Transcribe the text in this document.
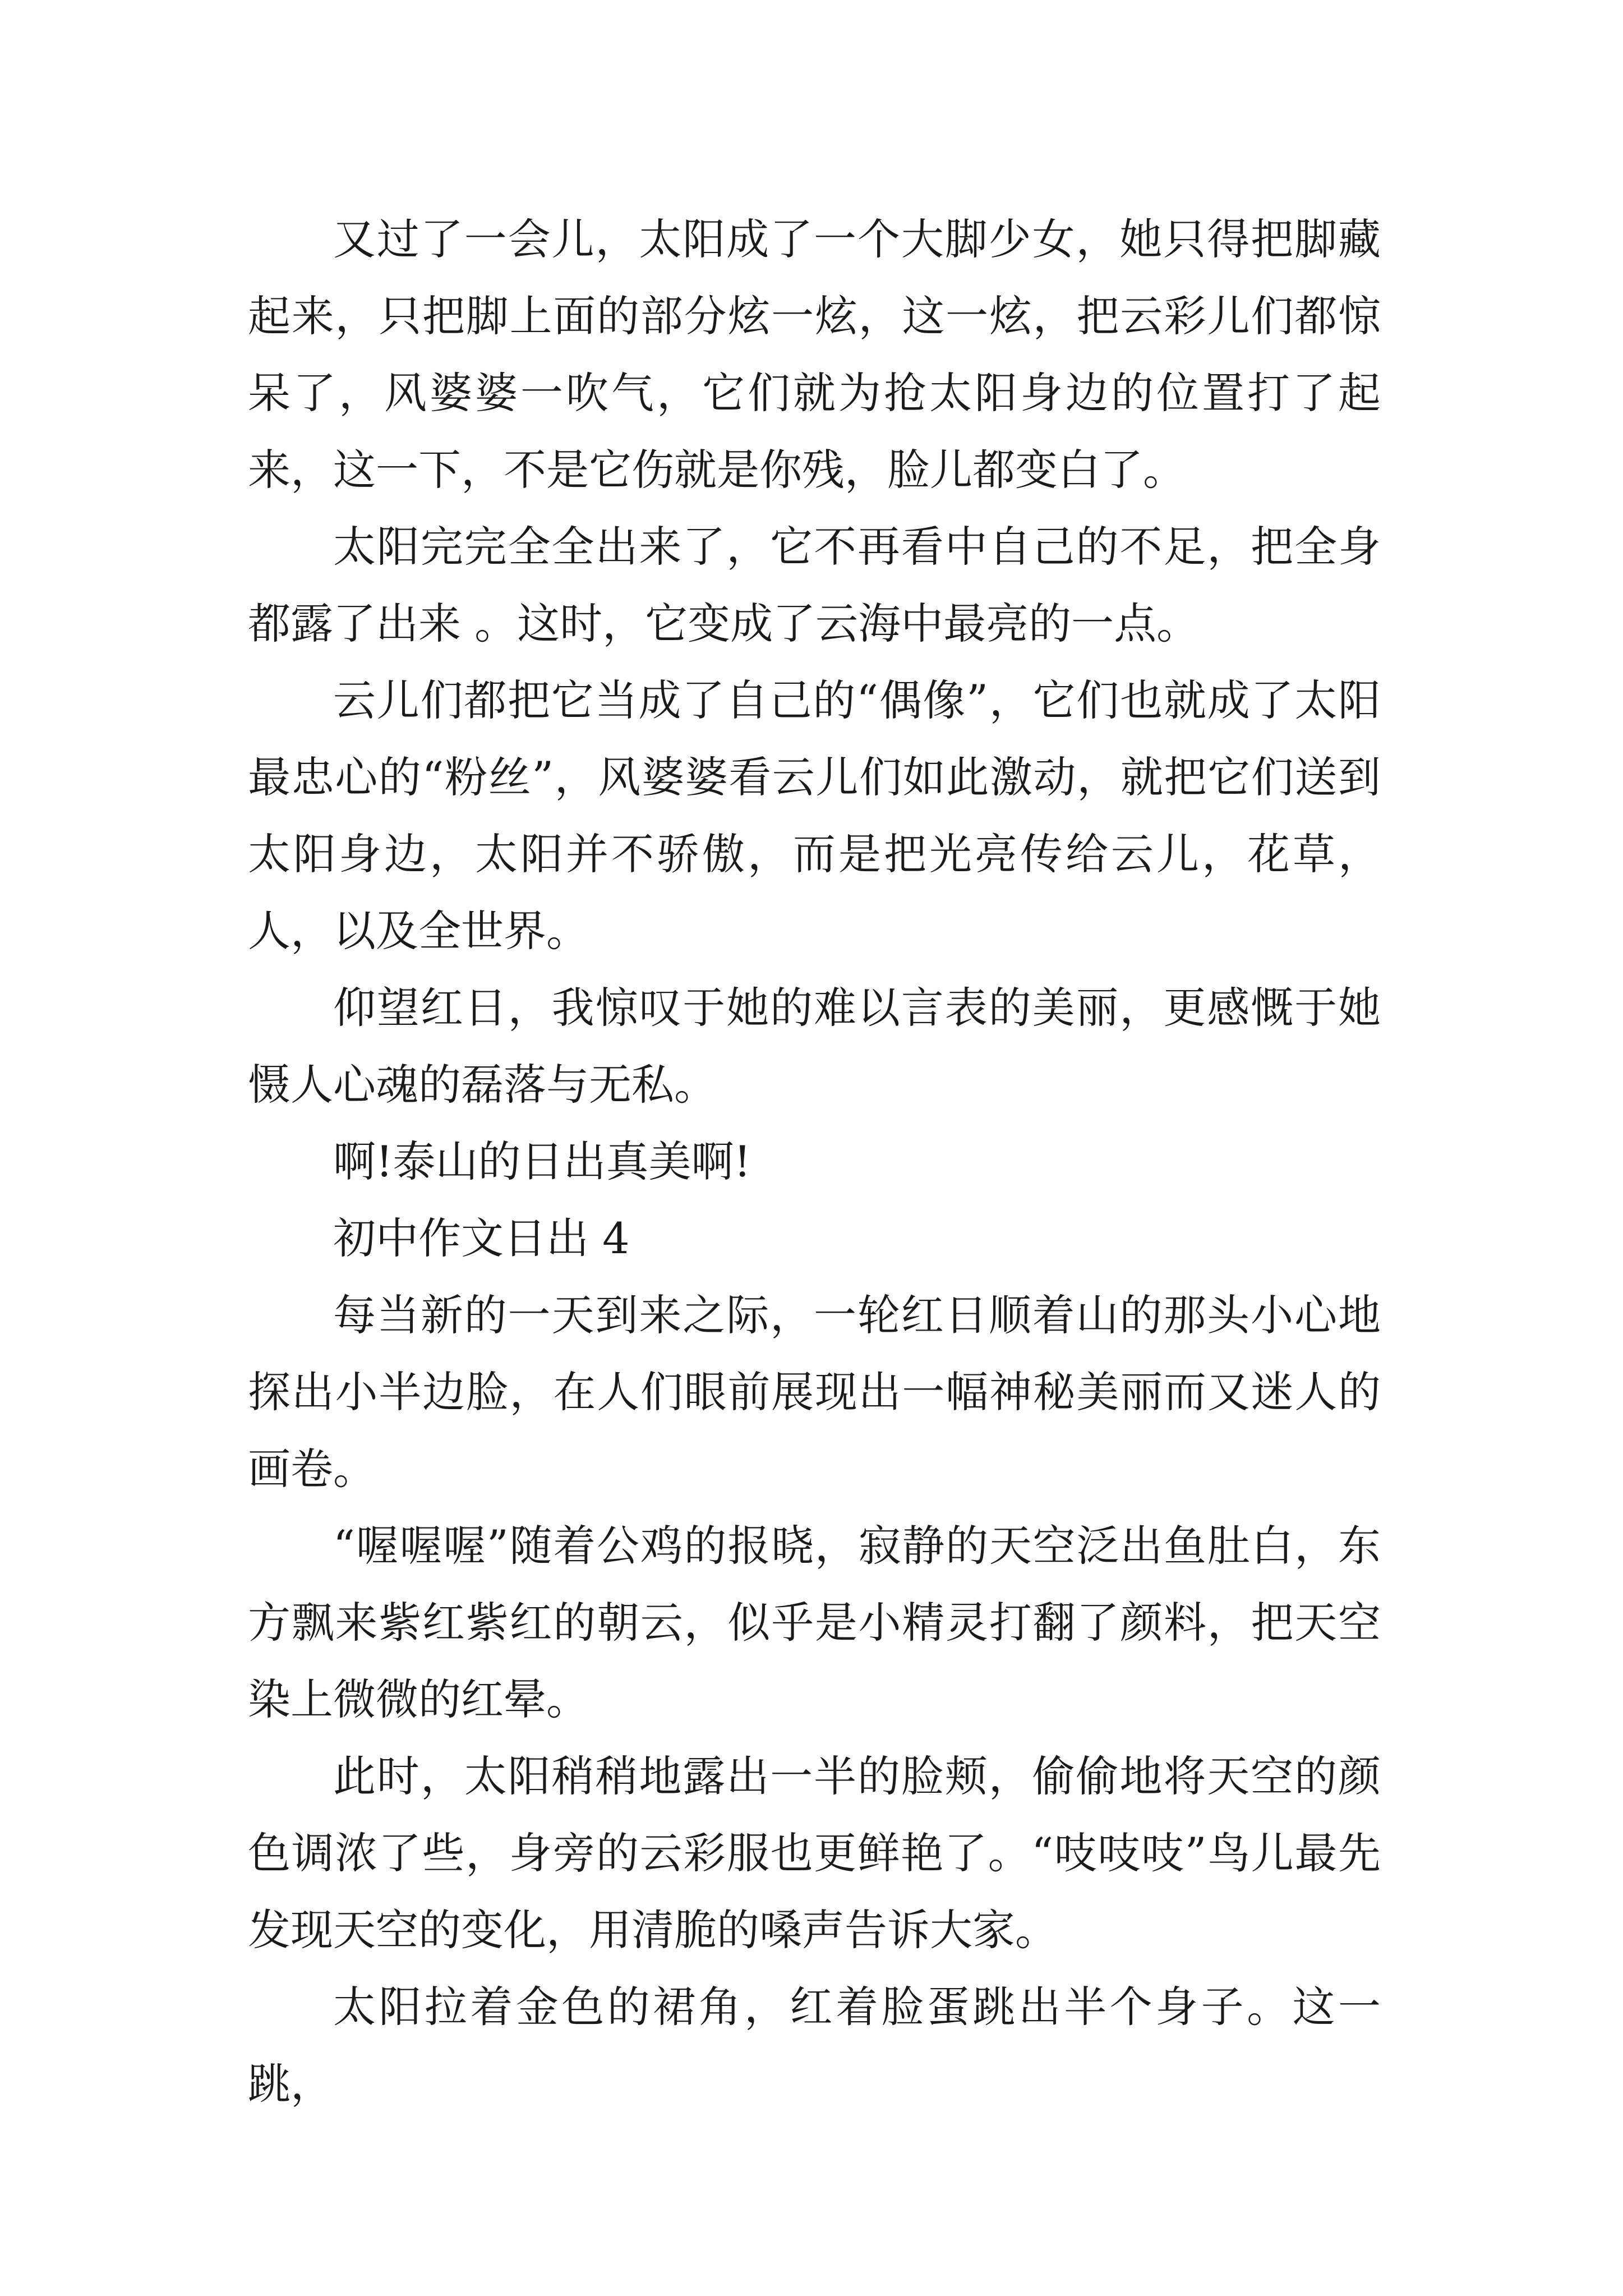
又过了一会儿，太阳成了一个大脚少女，她只得把脚藏起来，只把脚上面的部分炫一炫，这一炫，把云彩儿们都惊呆了，风婆婆一吹气，它们就为抢太阳身边的位置打了起来，这一下，不是它伤就是你残，脸儿都变白了。

太阳完完全全出来了，它不再看中自己的不足，把全身都露了出来 。这时，它变成了云海中最亮的一点。

云儿们都把它当成了自己的“偶像”，它们也就成了太阳最忠心的“粉丝”，风婆婆看云儿们如此激动，就把它们送到太阳身边，太阳并不骄傲，而是把光亮传给云儿，花草，人，以及全世界。

仰望红日，我惊叹于她的难以言表的美丽，更感慨于她慑人心魂的磊落与无私。

啊!泰山的日出真美啊!

初中作文日出 4

每当新的一天到来之际，一轮红日顺着山的那头小心地探出小半边脸，在人们眼前展现出一幅神秘美丽而又迷人的画卷。

“喔喔喔”随着公鸡的报晓，寂静的天空泛出鱼肚白，东方飘来紫红紫红的朝云，似乎是小精灵打翻了颜料，把天空染上微微的红晕。

此时，太阳稍稍地露出一半的脸颊，偷偷地将天空的颜色调浓了些，身旁的云彩服也更鲜艳了。“吱吱吱”鸟儿最先发现天空的变化，用清脆的嗓声告诉大家。

太阳拉着金色的裙角，红着脸蛋跳出半个身子。这一跳，
